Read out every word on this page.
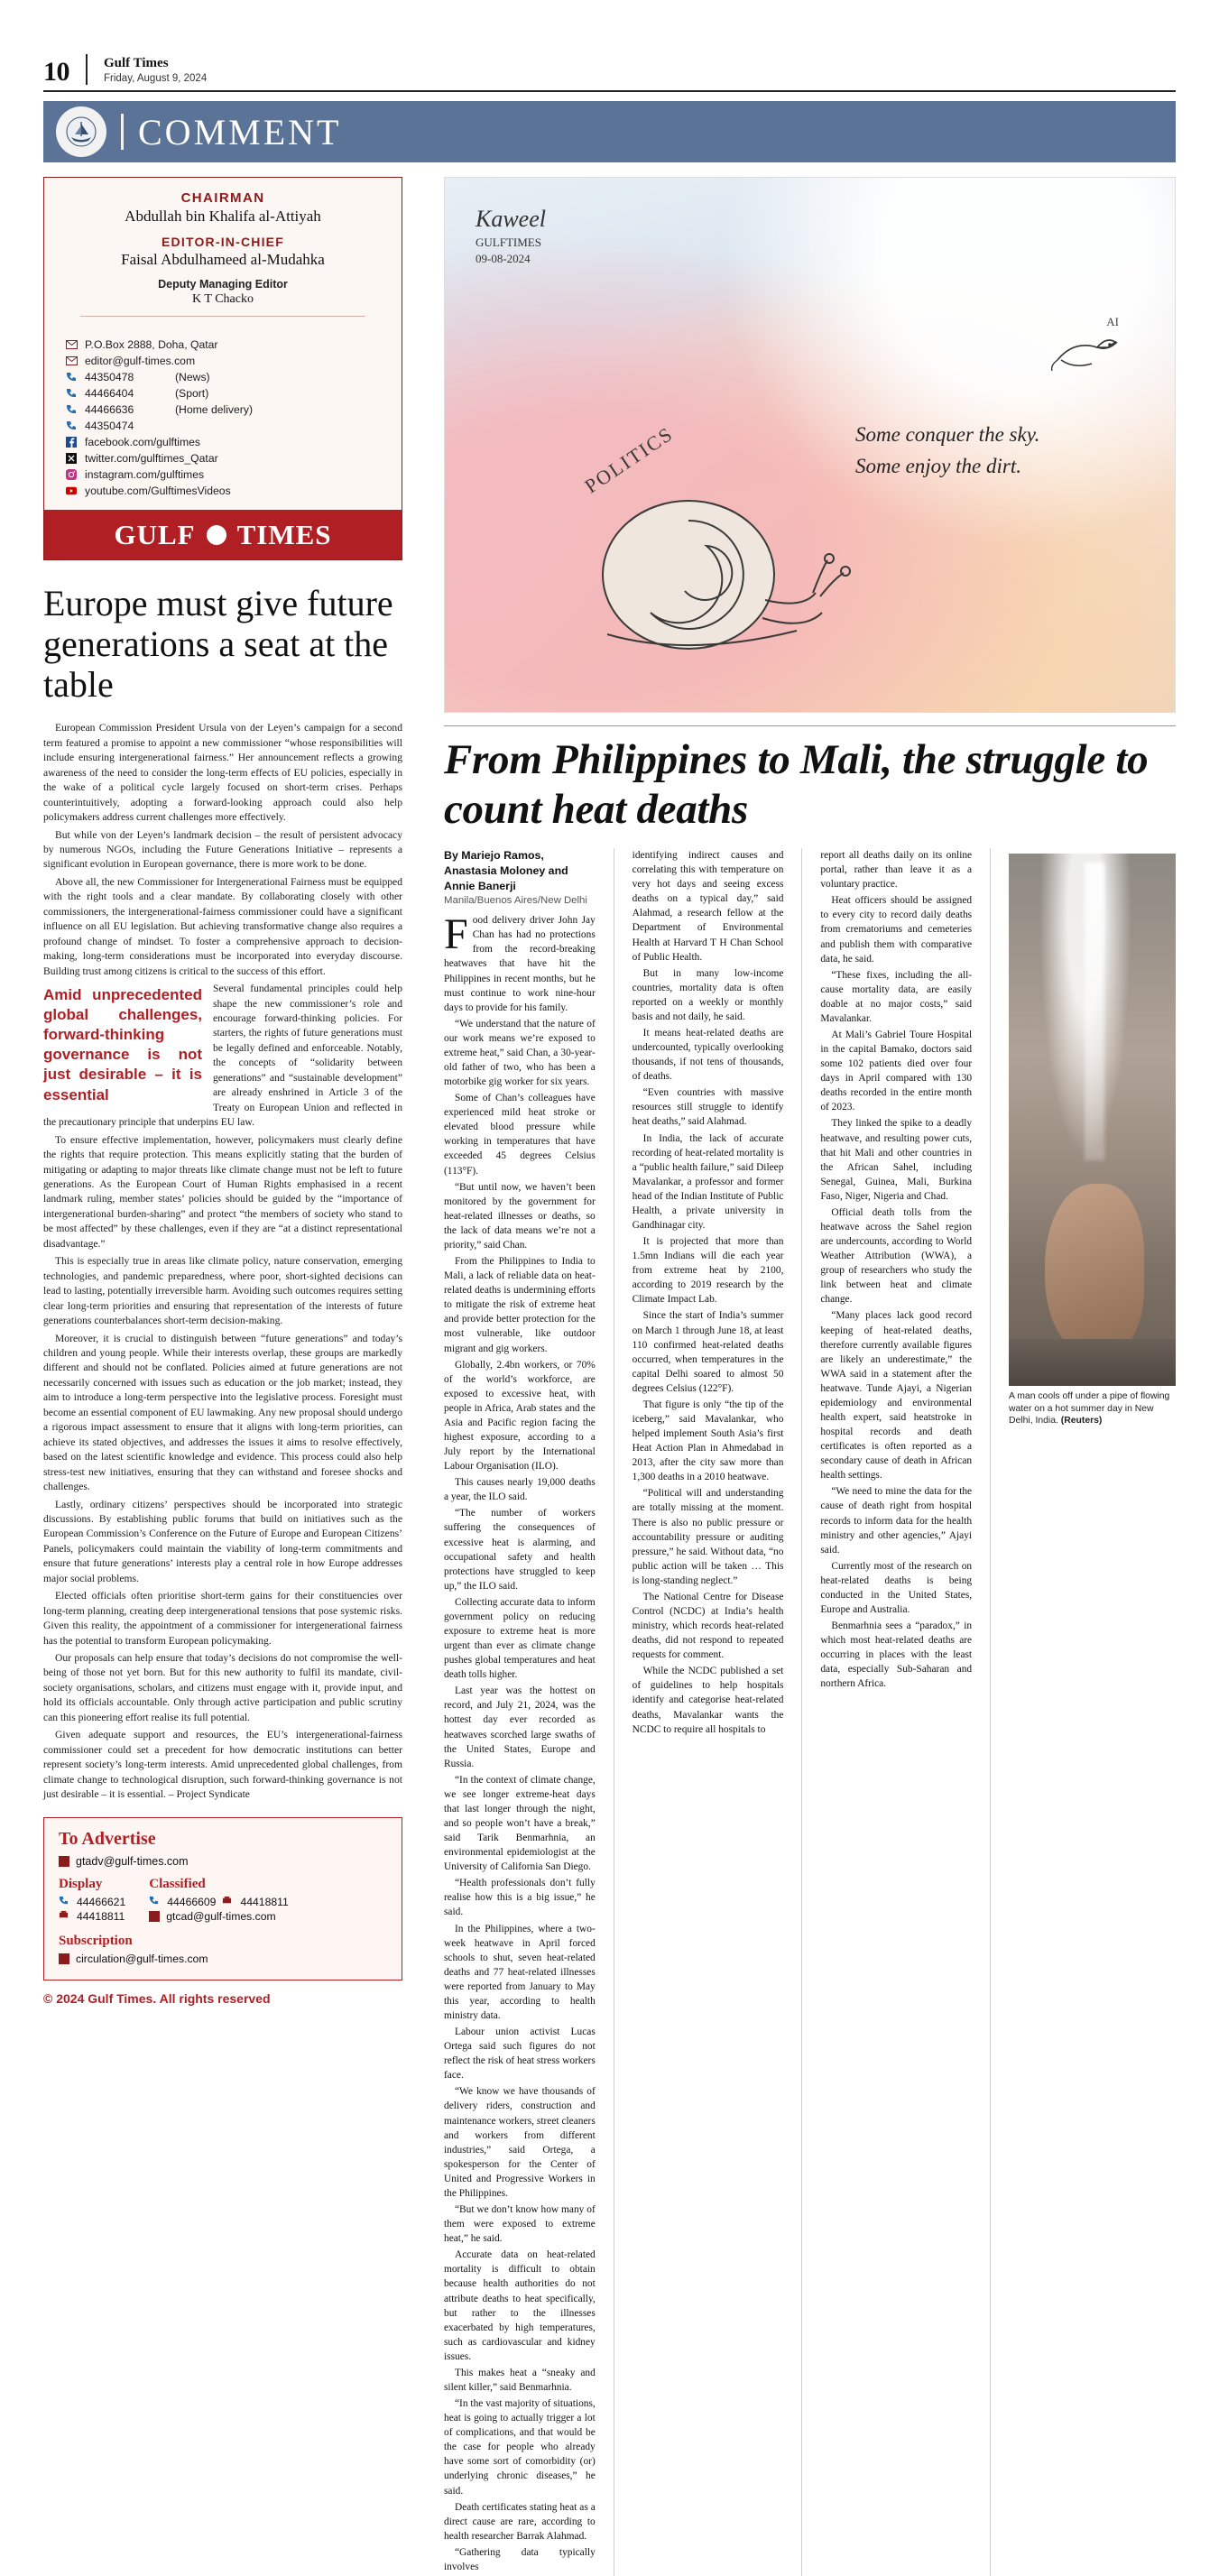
10	Gulf Times
Friday, August 9, 2024
COMMENT
CHAIRMAN
Abdullah bin Khalifa al-Attiyah
EDITOR-IN-CHIEF
Faisal Abdulhameed al-Mudahka
Deputy Managing Editor
K T Chacko
P.O.Box 2888, Doha, Qatar
editor@gulf-times.com
44350478	(News)
44466404	(Sport)
44466636	(Home delivery)
44350474
facebook.com/gulftimes
twitter.com/gulftimes_Qatar
instagram.com/gulftimes
youtube.com/GulftimesVideos
GULF TIMES
Europe must give future generations a seat at the table

European Commission President Ursula von der Leyen’s campaign for a second term featured a promise to appoint a new commissioner “whose responsibilities will include ensuring intergenerational fairness.” Her announcement reflects a growing awareness of the need to consider the long-term effects of EU policies, especially in the wake of a political cycle largely focused on short-term crises. Perhaps counterintuitively, adopting a forward-looking approach could also help policymakers address current challenges more effectively.

But while von der Leyen’s landmark decision – the result of persistent advocacy by numerous NGOs, including the Future Generations Initiative – represents a significant evolution in European governance, there is more work to be done.

Above all, the new Commissioner for Intergenerational Fairness must be equipped with the right tools and a clear mandate. By collaborating closely with other commissioners, the intergenerational-fairness commissioner could have a significant influence on all EU legislation. But achieving transformative change also requires a profound change of mindset. To foster a comprehensive approach to decision-making, long-term considerations must be incorporated into everyday discourse. Building trust among citizens is critical to the success of this effort.

Amid unprecedented global challenges, forward-thinking governance is not just desirable – it is essential

Several fundamental principles could help shape the new commissioner’s role and encourage forward-thinking policies. For starters, the rights of future generations must be legally defined and enforceable. Notably, the concepts of “solidarity between generations” and “sustainable development” are already enshrined in Article 3 of the Treaty on European Union and reflected in the precautionary principle that underpins EU law.

To ensure effective implementation, however, policymakers must clearly define the rights that require protection. This means explicitly stating that the burden of mitigating or adapting to major threats like climate change must not be left to future generations. As the European Court of Human Rights emphasised in a recent landmark ruling, member states’ policies should be guided by the “importance of intergenerational burden-sharing” and protect “the members of society who stand to be most affected” by these challenges, even if they are “at a distinct representational disadvantage.”

This is especially true in areas like climate policy, nature conservation, emerging technologies, and pandemic preparedness, where poor, short-sighted decisions can lead to lasting, potentially irreversible harm. Avoiding such outcomes requires setting clear long-term priorities and ensuring that representation of the interests of future generations counterbalances short-term decision-making.

Moreover, it is crucial to distinguish between “future generations” and today’s children and young people. While their interests overlap, these groups are markedly different and should not be conflated. Policies aimed at future generations are not necessarily concerned with issues such as education or the job market; instead, they aim to introduce a long-term perspective into the legislative process. Foresight must become an essential component of EU lawmaking. Any new proposal should undergo a rigorous impact assessment to ensure that it aligns with long-term priorities, can achieve its stated objectives, and addresses the issues it aims to resolve effectively, based on the latest scientific knowledge and evidence. This process could also help stress-test new initiatives, ensuring that they can withstand and foresee shocks and challenges.

Lastly, ordinary citizens’ perspectives should be incorporated into strategic discussions. By establishing public forums that build on initiatives such as the European Commission’s Conference on the Future of Europe and European Citizens’ Panels, policymakers could maintain the viability of long-term commitments and ensure that future generations’ interests play a central role in how Europe addresses major social problems.

Elected officials often prioritise short-term gains for their constituencies over long-term planning, creating deep intergenerational tensions that pose systemic risks. Given this reality, the appointment of a commissioner for intergenerational fairness has the potential to transform European policymaking.

Our proposals can help ensure that today’s decisions do not compromise the well-being of those not yet born. But for this new authority to fulfil its mandate, civil-society organisations, scholars, and citizens must engage with it, provide input, and hold its officials accountable. Only through active participation and public scrutiny can this pioneering effort realise its full potential.

Given adequate support and resources, the EU’s intergenerational-fairness commissioner could set a precedent for how democratic institutions can better represent society’s long-term interests. Amid unprecedented global challenges, from climate change to technological disruption, such forward-thinking governance is not just desirable – it is essential. – Project Syndicate

To Advertise
gtadv@gulf-times.com
Display
44466621
44418811
Classified
44466609 44418811
gtcad@gulf-times.com
Subscription
circulation@gulf-times.com
© 2024 Gulf Times. All rights reserved
Kaweel
GULFTIMES
09-08-2024
AI
POLITICS	Some conquer the sky.
Some enjoy the dirt.
From Philippines to Mali, the struggle to count heat deaths
By Mariejo Ramos, Anastasia Moloney and Annie Banerji
Manila/Buenos Aires/New Delhi

Food delivery driver John Jay Chan has had no protections from the record-breaking heatwaves that have hit the Philippines in recent months, but he must continue to work nine-hour days to provide for his family.

“We understand that the nature of our work means we’re exposed to extreme heat,” said Chan, a 30-year-old father of two, who has been a motorbike gig worker for six years.

Some of Chan’s colleagues have experienced mild heat stroke or elevated blood pressure while working in temperatures that have exceeded 45 degrees Celsius (113°F).

“But until now, we haven’t been monitored by the government for heat-related illnesses or deaths, so the lack of data means we’re not a priority,” said Chan.

From the Philippines to India to Mali, a lack of reliable data on heat-related deaths is undermining efforts to mitigate the risk of extreme heat and provide better protection for the most vulnerable, like outdoor migrant and gig workers.

Globally, 2.4bn workers, or 70% of the world’s workforce, are exposed to excessive heat, with people in Africa, Arab states and the Asia and Pacific region facing the highest exposure, according to a July report by the International Labour Organisation (ILO).

This causes nearly 19,000 deaths a year, the ILO said.

“The number of workers suffering the consequences of excessive heat is alarming, and occupational safety and health protections have struggled to keep up,” the ILO said.

Collecting accurate data to inform government policy on reducing exposure to extreme heat is more urgent than ever as climate change pushes global temperatures and heat death tolls higher.

Last year was the hottest on record, and July 21, 2024, was the hottest day ever recorded as heatwaves scorched large swaths of the United States, Europe and Russia.

“In the context of climate change, we see longer extreme-heat days that last longer through the night, and so people won’t have a break,” said Tarik Benmarhnia, an environmental epidemiologist at the University of California San Diego.

“Health professionals don’t fully realise how this is a big issue,” he said.

In the Philippines, where a two-week heatwave in April forced schools to shut, seven heat-related deaths and 77 heat-related illnesses were reported from January to May this year, according to health ministry data.

Labour union activist Lucas Ortega said such figures do not reflect the risk of heat stress workers face.

“We know we have thousands of delivery riders, construction and maintenance workers, street cleaners and workers from different industries,” said Ortega, a spokesperson for the Center of United and Progressive Workers in the Philippines.

“But we don’t know how many of them were exposed to extreme heat,” he said.

Accurate data on heat-related mortality is difficult to obtain because health authorities do not attribute deaths to heat specifically, but rather to the illnesses exacerbated by high temperatures, such as cardiovascular and kidney issues.

This makes heat a “sneaky and silent killer,” said Benmarhnia.

“In the vast majority of situations, heat is going to actually trigger a lot of complications, and that would be the case for people who already have some sort of comorbidity (or) underlying chronic diseases,” he said.

Death certificates stating heat as a direct cause are rare, according to health researcher Barrak Alahmad.

“Gathering data typically involves

identifying indirect causes and correlating this with temperature on very hot days and seeing excess deaths on a typical day,” said Alahmad, a research fellow at the Department of Environmental Health at Harvard T H Chan School of Public Health.

But in many low-income countries, mortality data is often reported on a weekly or monthly basis and not daily, he said.

It means heat-related deaths are undercounted, typically overlooking thousands, if not tens of thousands, of deaths.

“Even countries with massive resources still struggle to identify heat deaths,” said Alahmad.

In India, the lack of accurate recording of heat-related mortality is a “public health failure,” said Dileep Mavalankar, a professor and former head of the Indian Institute of Public Health, a private university in Gandhinagar city.

It is projected that more than 1.5mn Indians will die each year from extreme heat by 2100, according to 2019 research by the Climate Impact Lab.

Since the start of India’s summer on March 1 through June 18, at least 110 confirmed heat-related deaths occurred, when temperatures in the capital Delhi soared to almost 50 degrees Celsius (122°F).

That figure is only “the tip of the iceberg,” said Mavalankar, who helped implement South Asia’s first Heat Action Plan in Ahmedabad in 2013, after the city saw more than 1,300 deaths in a 2010 heatwave.

“Political will and understanding are totally missing at the moment. There is also no public pressure or accountability pressure or auditing pressure,” he said. Without data, “no public action will be taken … This is long-standing neglect.”

The National Centre for Disease Control (NCDC) at India’s health ministry, which records heat-related deaths, did not respond to repeated requests for comment.

While the NCDC published a set of guidelines to help hospitals identify and categorise heat-related deaths, Mavalankar wants the NCDC to require all hospitals to

report all deaths daily on its online portal, rather than leave it as a voluntary practice.

Heat officers should be assigned to every city to record daily deaths from crematoriums and cemeteries and publish them with comparative data, he said.

“These fixes, including the all-cause mortality data, are easily doable at no major costs,” said Mavalankar.

At Mali’s Gabriel Toure Hospital in the capital Bamako, doctors said some 102 patients died over four days in April compared with 130 deaths recorded in the entire month of 2023.

They linked the spike to a deadly heatwave, and resulting power cuts, that hit Mali and other countries in the African Sahel, including Senegal, Guinea, Mali, Burkina Faso, Niger, Nigeria and Chad.

Official death tolls from the heatwave across the Sahel region are undercounts, according to World Weather Attribution (WWA), a group of researchers who study the link between heat and climate change.

“Many places lack good record keeping of heat-related deaths, therefore currently available figures are likely an underestimate,” the WWA said in a statement after the heatwave. Tunde Ajayi, a Nigerian epidemiology and environmental health expert, said heatstroke in hospital records and death certificates is often reported as a secondary cause of death in African health settings.

“We need to mine the data for the cause of death right from hospital records to inform data for the health ministry and other agencies,” Ajayi said.

Currently most of the research on heat-related deaths is being conducted in the United States, Europe and Australia.

Benmarhnia sees a “paradox,” in which most heat-related deaths are occurring in places with the least data, especially Sub-Saharan and northern Africa.

A man cools off under a pipe of flowing water on a hot summer day in New Delhi, India. (Reuters)
